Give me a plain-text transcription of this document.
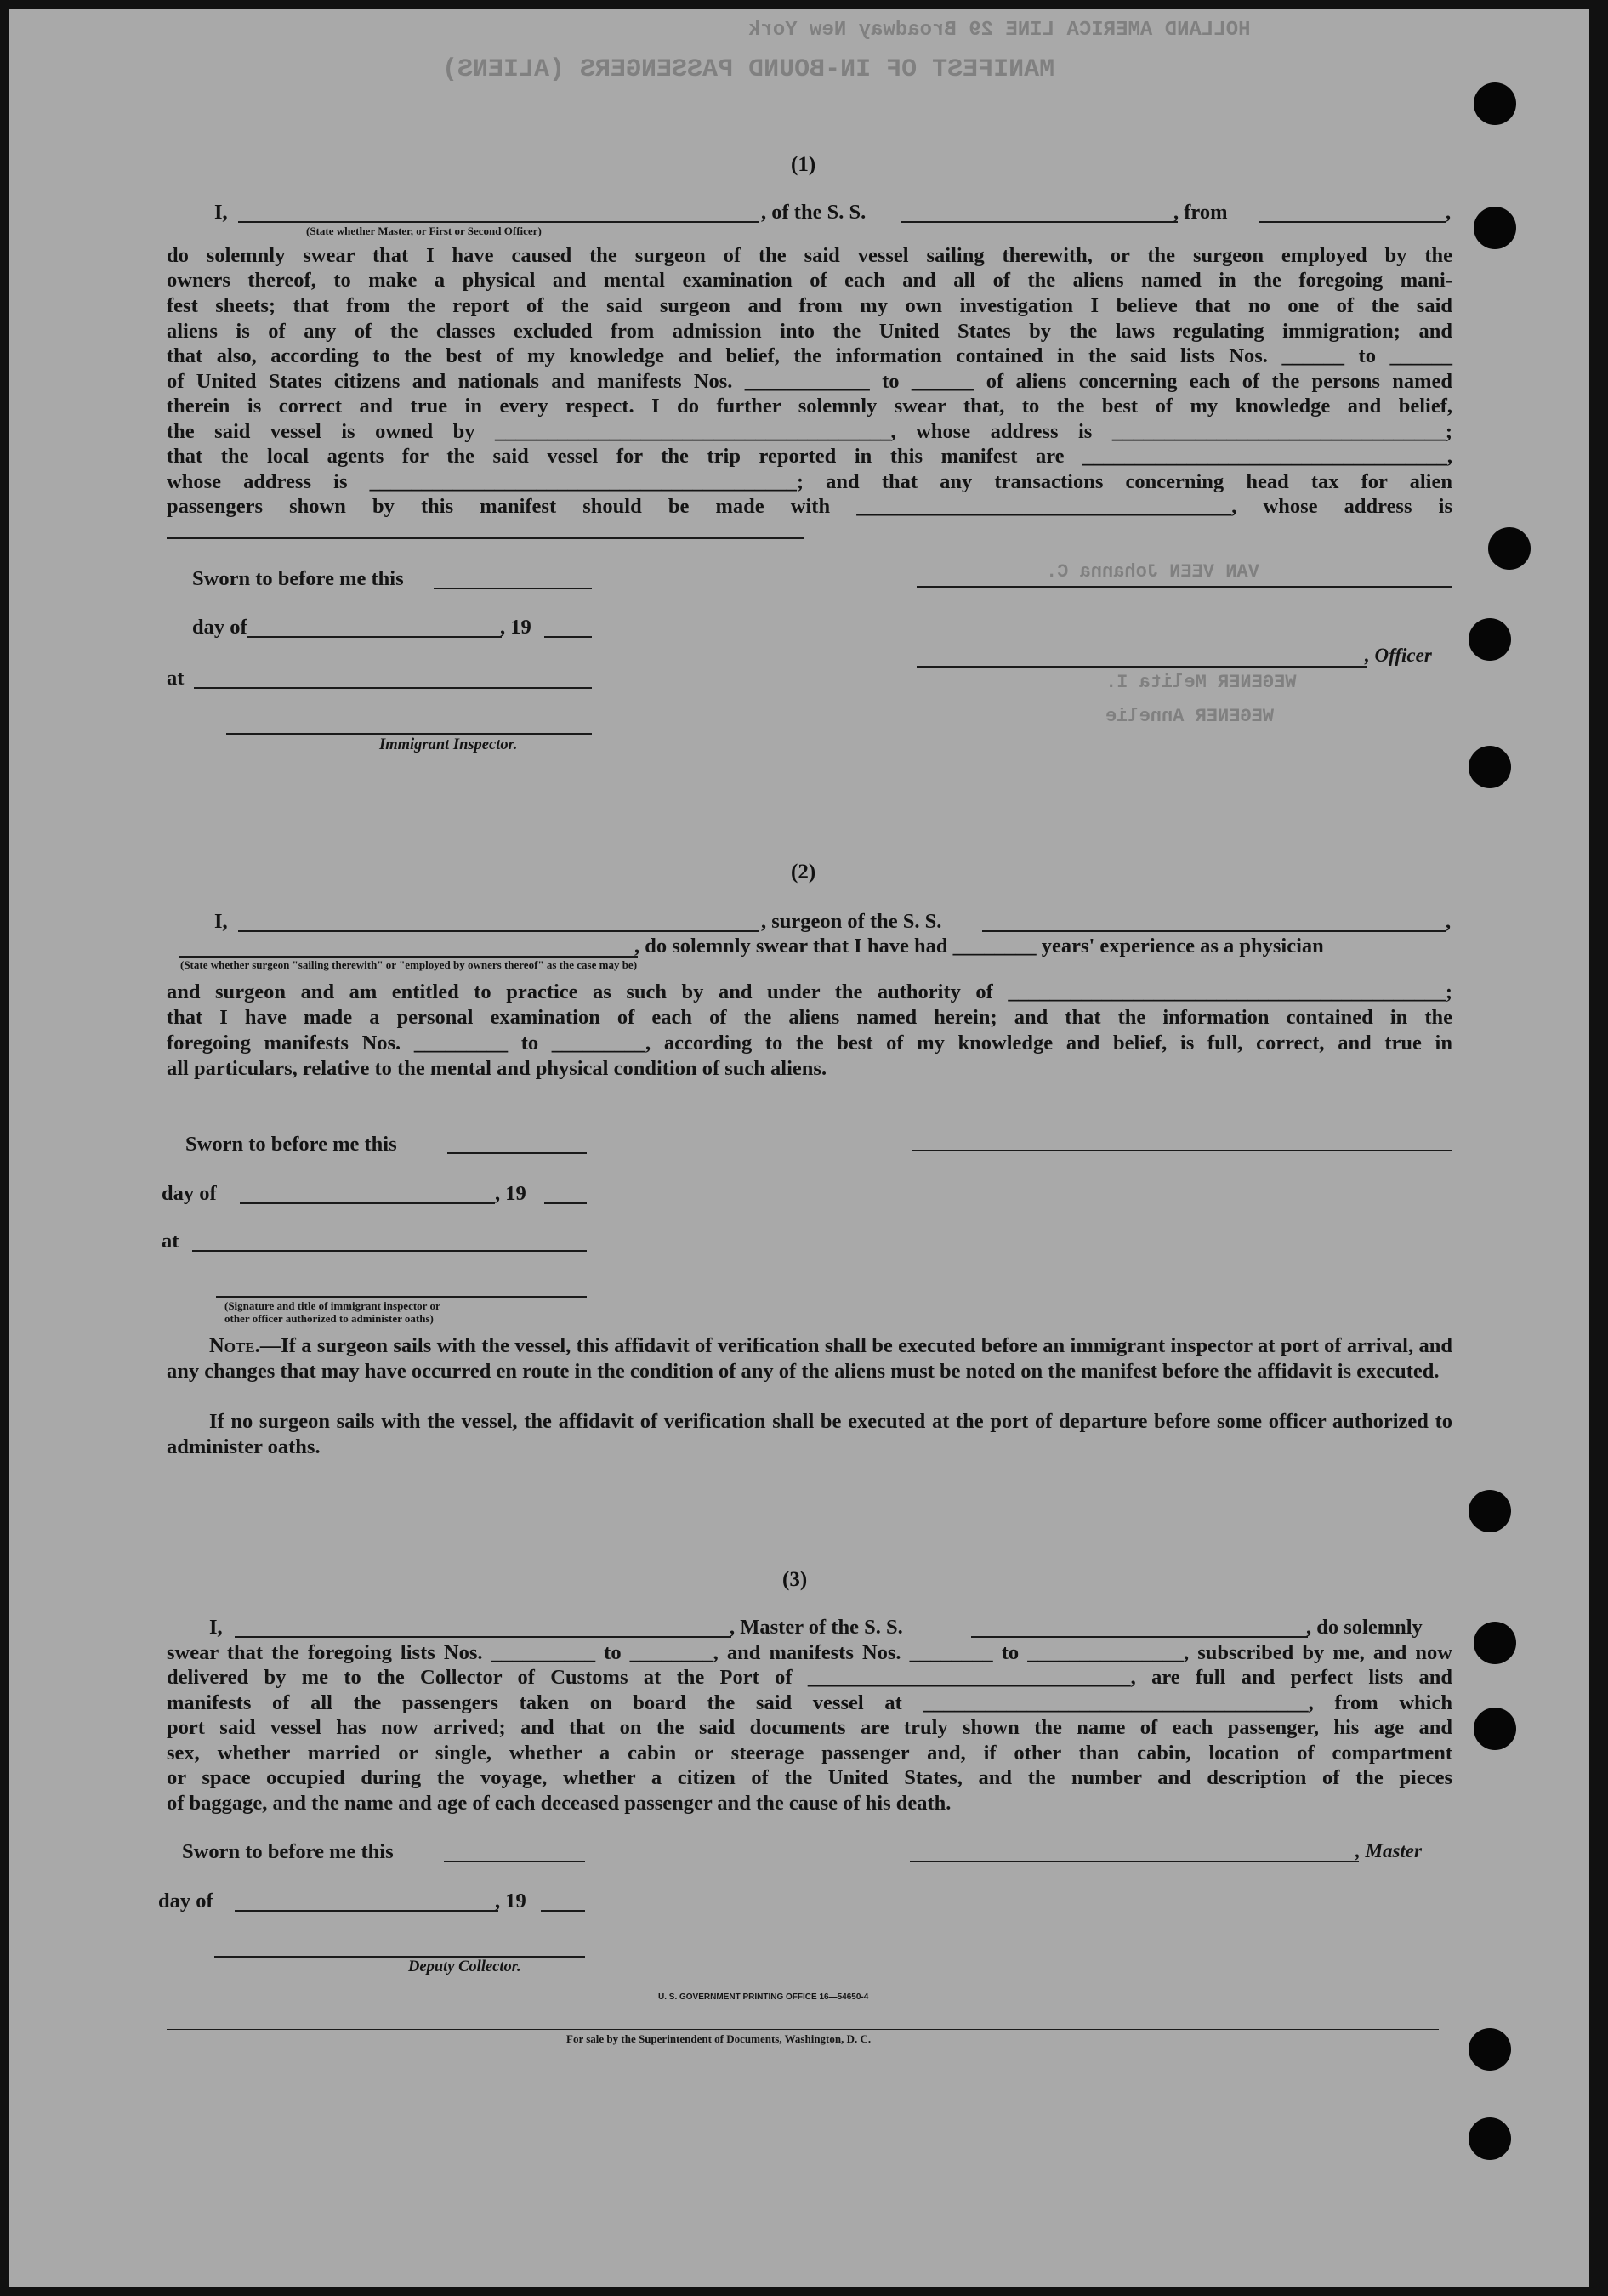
MANIFEST OF IN-BOUND PASSENGERS (ALIENS)
HOLLAND AMERICA LINE 29 Broadway New York
VAN VEEN Johanna C.
WEGENER Melita I.
WEGENER Annelie
(1)
I,	, of the S. S.	, from	,
(State whether Master, or First or Second Officer)
do solemnly swear that I have caused the surgeon of the said vessel sailing therewith, or the surgeon employed by the
owners thereof, to make a physical and mental examination of each and all of the aliens named in the foregoing mani-
fest sheets; that from the report of the said surgeon and from my own investigation I believe that no one of the said
aliens is of any of the classes excluded from admission into the United States by the laws regulating immigration; and
that also, according to the best of my knowledge and belief, the information contained in the said lists Nos. ______ to ______
of United States citizens and nationals and manifests Nos. ____________ to ______ of aliens concerning each of the persons named
therein is correct and true in every respect. I do further solemnly swear that, to the best of my knowledge and belief,
the said vessel is owned by ______________________________________, whose address is ________________________________;
that the local agents for the said vessel for the trip reported in this manifest are ___________________________________,
whose address is _________________________________________; and that any transactions concerning head tax for alien
passengers shown by this manifest should be made with ____________________________________, whose address is
Sworn to before me this
day of	, 19
, Officer
at
Immigrant Inspector.
(2)
I,	, surgeon of the S. S.	,
, do solemnly swear that I have had ________ years' experience as a physician
(State whether surgeon "sailing therewith" or "employed by owners thereof" as the case may be)
and surgeon and am entitled to practice as such by and under the authority of __________________________________________;
that I have made a personal examination of each of the aliens named herein; and that the information contained in the
foregoing manifests Nos. _________ to _________, according to the best of my knowledge and belief, is full, correct, and true in
all particulars, relative to the mental and physical condition of such aliens.
Sworn to before me this
day of	, 19
at
(Signature and title of immigrant inspector or
other officer authorized to administer oaths)
Note.—If a surgeon sails with the vessel, this affidavit of verification shall be executed before an immigrant inspector at port of arrival, and any changes that may have occurred en route in the condition of any of the aliens must be noted on the manifest before the affidavit is executed.
If no surgeon sails with the vessel, the affidavit of verification shall be executed at the port of departure before some officer authorized to administer oaths.
(3)
I,	, Master of the S. S.	, do solemnly
swear that the foregoing lists Nos. __________ to ________, and manifests Nos. ________ to _______________, subscribed by me, and now
delivered by me to the Collector of Customs at the Port of _______________________________, are full and perfect lists and
manifests of all the passengers taken on board the said vessel at _____________________________________, from which
port said vessel has now arrived; and that on the said documents are truly shown the name of each passenger, his age and
sex, whether married or single, whether a cabin or steerage passenger and, if other than cabin, location of compartment
or space occupied during the voyage, whether a citizen of the United States, and the number and description of the pieces
of baggage, and the name and age of each deceased passenger and the cause of his death.
Sworn to before me this	, Master
day of	, 19
Deputy Collector.
U. S. GOVERNMENT PRINTING OFFICE 16—54650-4
For sale by the Superintendent of Documents, Washington, D. C.
